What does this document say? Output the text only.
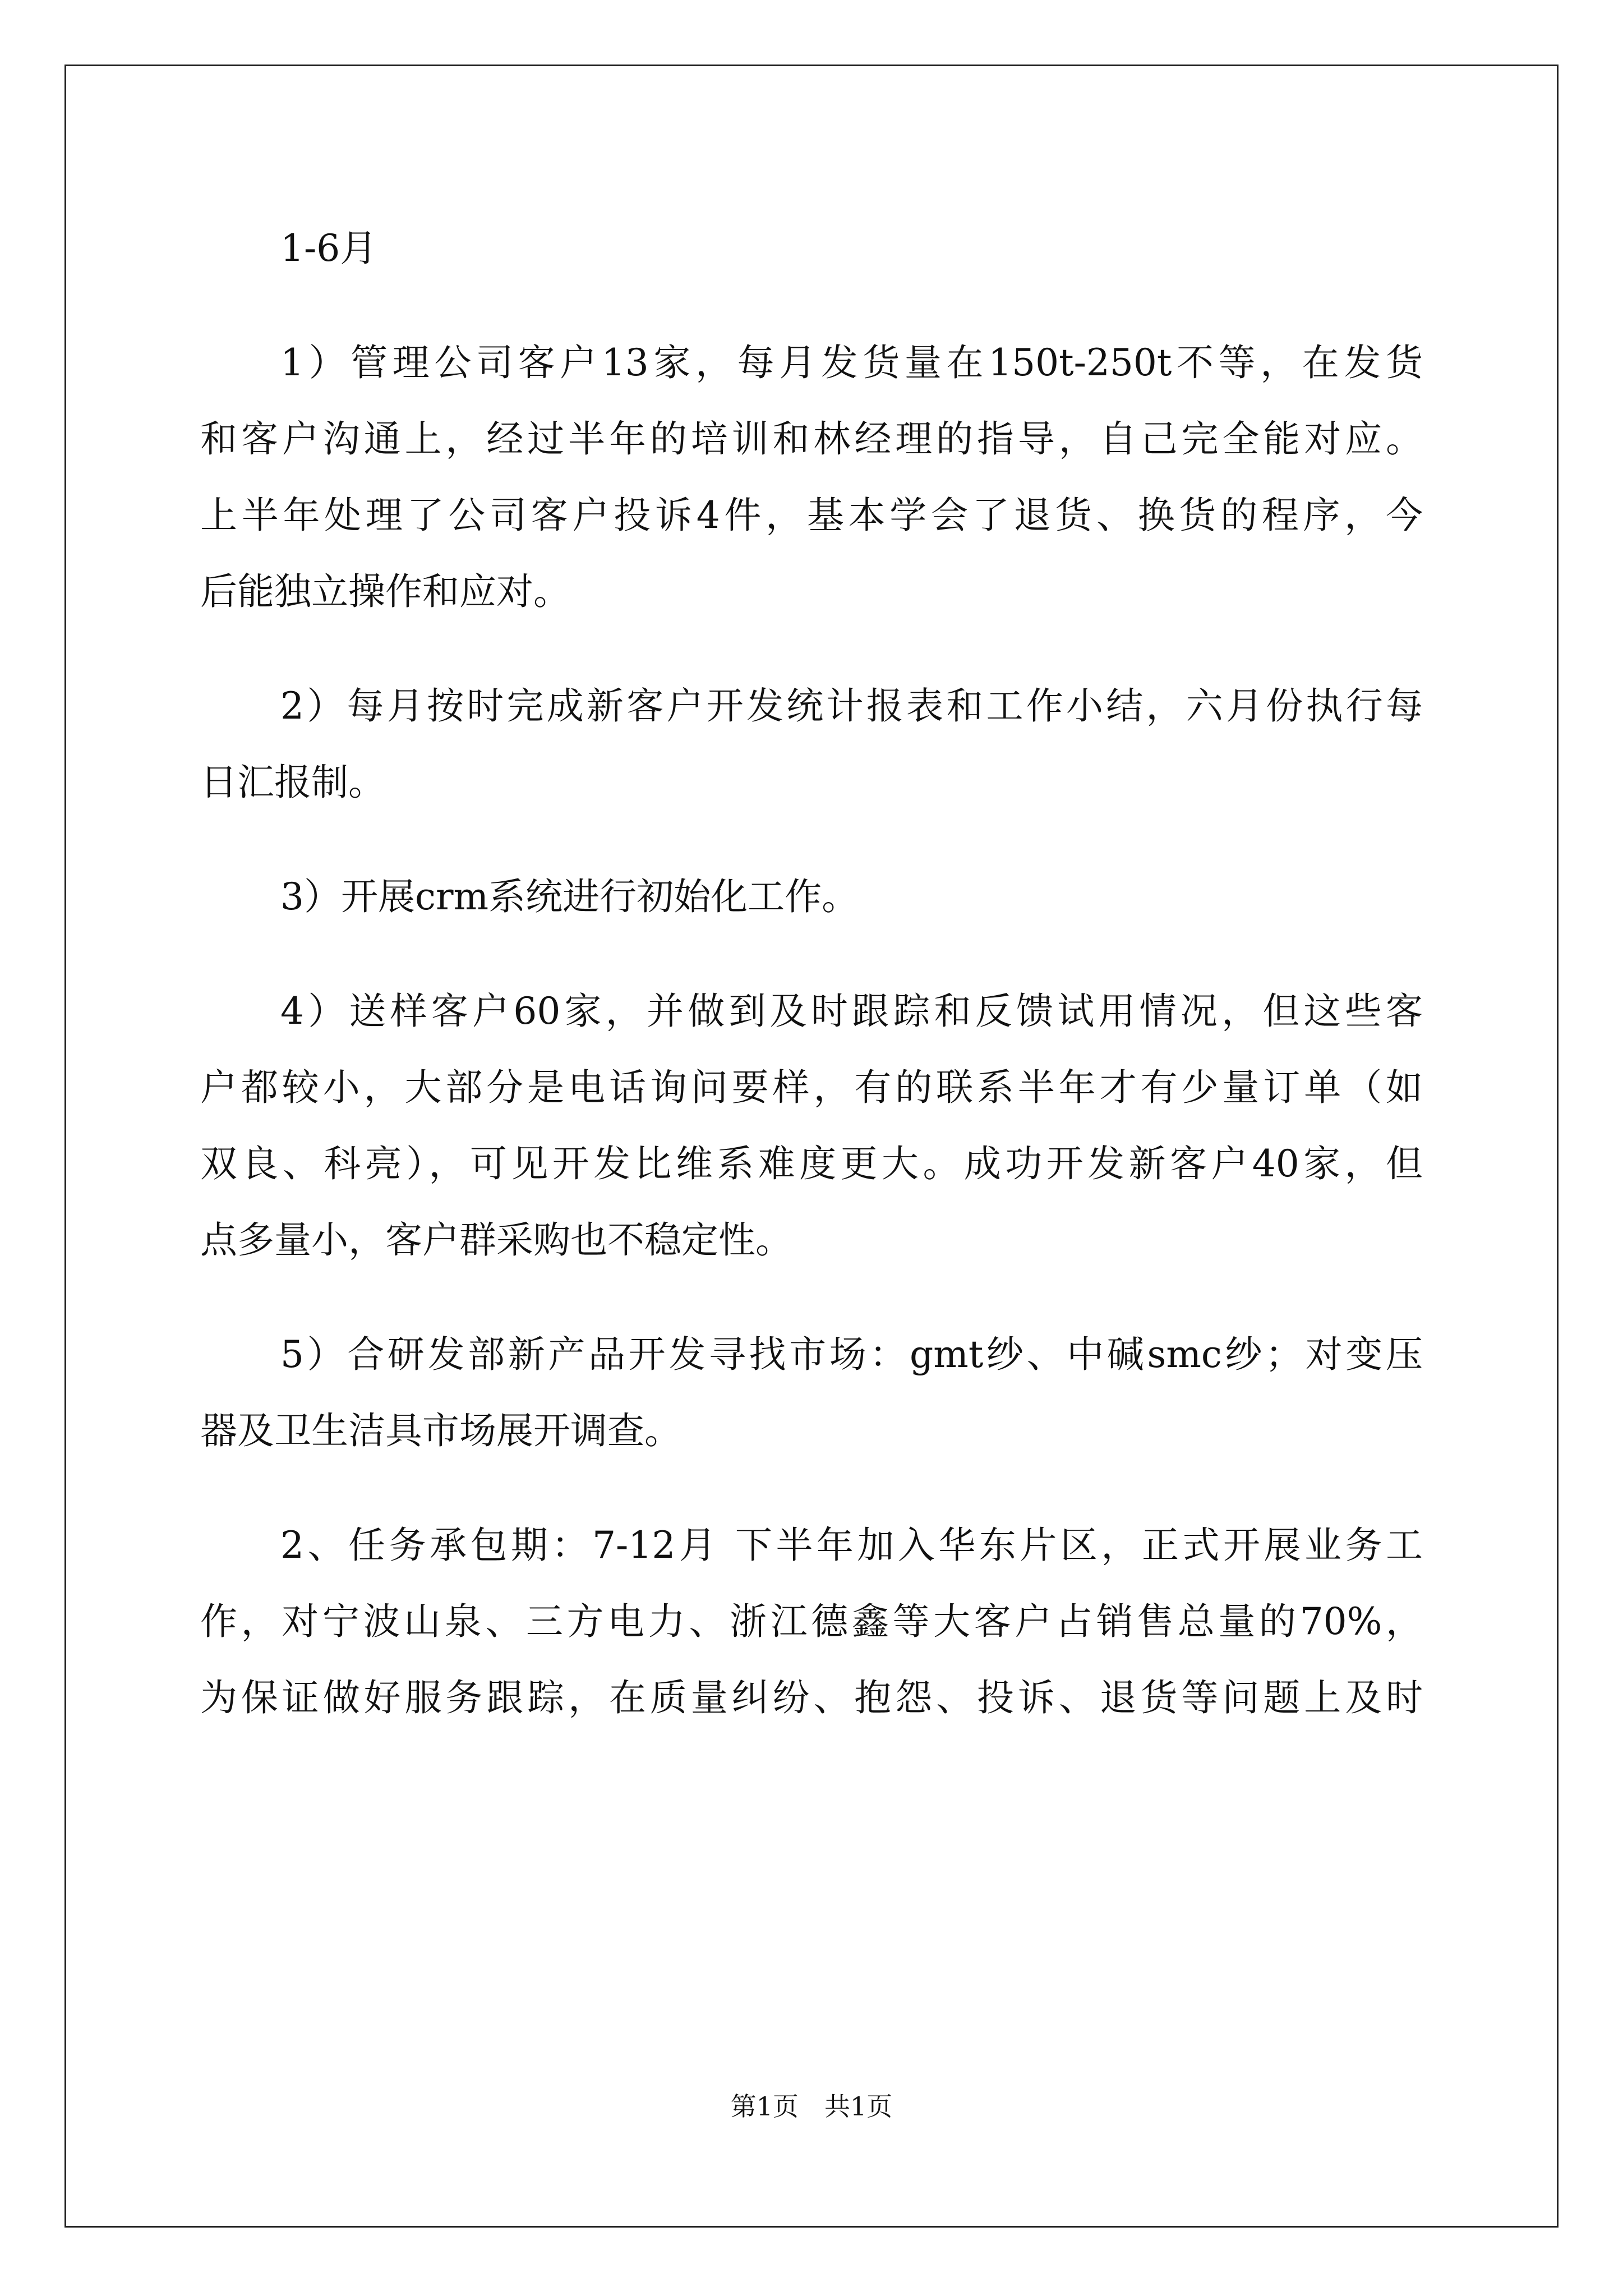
1-6月
1）管理公司客户13家，每月发货量在150t-250t不等，在发货
和客户沟通上，经过半年的培训和林经理的指导，自己完全能对应。
上半年处理了公司客户投诉4件，基本学会了退货、换货的程序，今
后能独立操作和应对。
2）每月按时完成新客户开发统计报表和工作小结，六月份执行每
日汇报制。
3）开展crm系统进行初始化工作。
4）送样客户60家，并做到及时跟踪和反馈试用情况，但这些客
户都较小，大部分是电话询问要样，有的联系半年才有少量订单（如
双良、科亮），可见开发比维系难度更大。成功开发新客户40家，但
点多量小，客户群采购也不稳定性。
5）合研发部新产品开发寻找市场：gmt纱、中碱smc纱；对变压
器及卫生洁具市场展开调查。
2、任务承包期：7-12月 下半年加入华东片区，正式开展业务工
作，对宁波山泉、三方电力、浙江德鑫等大客户占销售总量的70%，
为保证做好服务跟踪，在质量纠纷、抱怨、投诉、退货等问题上及时
第1页　共1页
